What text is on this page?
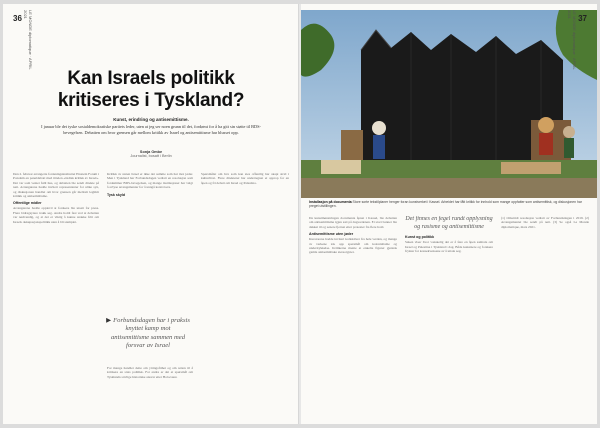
36	LE MONDE diplomatique · APRIL 2021
Kan Israels politikk
kritiseres i Tyskland?
Kunst, erindring og antisemittisme.
I januar ble det tyske sosialdemokratiske partiets leder, uten at jeg ser noen grunn til det, fordømt for å ha gitt sin støtte til BDS-bevegelsen. Debatten om hvor grensen går mellom kritikk av Israel og antisemittisme har blusset opp.
Sonja Ombe
Journalist, bosatt i Berlin
Den 2. februar arrangerte forskningsinstituttet Einstein Forum i Potsdam en paneldebatt med tittelen «Jødisk kritikk av Israel». Det var som ventet fullt hus, og debatten ble sendt direkte på nett. Arrangørene hadde invitert representanter for ulike syn, og diskusjonen handlet om hvor grensen går mellom legitim kritikk og antisemittisme.
Offentlige midler
Arrangørene hadde opplevd at forskere ble utsatt for press. Flere bidragsytere trakk seg. Andre holdt fast ved at debatten var nødvendig, og at det er viktig å kunne snakke fritt om Israels okkupasjonspolitikk uten å bli stemplet.
Kritikk av staten Israel er ikke det samme som hat mot jøder. Men i Tyskland har Forbundsdagen vedtatt en resolusjon som fordømmer BDS-bevegelsen, og mange institusjoner har valgt å avlyse arrangementer for å unngå kontrovers.
Tysk skyld
▶ Forbundsdagen har i praksis knyttet kamp mot antisemittisme sammen med forsvar av Israel
For mange handler dette om ytringsfrihet og om retten til å kritisere en stats politikk. For andre er det et spørsmål om Tysklands særlige historiske ansvar etter Holocaust.
Spørsmålet om hva som kan sies offentlig har skapt strid i kulturlivet. Flere direktører har undertegnet et opprop for en åpen og fri debatt om Israel og Palestina.
Installasjon på documenta Store sorte tekstilplaner henger foran kunstverket i Kassel. Arbeidet har fått kritikk for innhold som mange oppfatter som antisemittisk, og diskusjonen har preget utstillingen.
37
LE MONDE diplomatique · APRIL 2021
Da kunstmønstringen documenta åpnet i Kassel, ble debatten om antisemittisme igjen satt på dagsordenen. Et stort banner ble dekket til og senere fjernet etter protester fra flere hold.
Antisemittisme uten jøder
Kuratorene hadde invitert kollektiver fra hele verden, og mange av verkene tok opp spørsmål om kolonialisme og undertrykkelse. Kritikerne mente at enkelte figurer gjentok gamle antisemittiske stereotypier.
Det finnes en fegel rundt opplysning og rasisme og antisemittisme
Kunst og politikk
Saken viser hvor vanskelig det er å føre en åpen samtale om Israel og Palestina i Tyskland i dag. Både kunstnere og forskere frykter for konsekvensene av å uttale seg.
(1) Omstridt resolusjon vedtatt av Forbundsdagen i 2019. (2) Arrangementet ble sendt på nett. (3) Se også Le Monde diplomatique, mars 2021.
